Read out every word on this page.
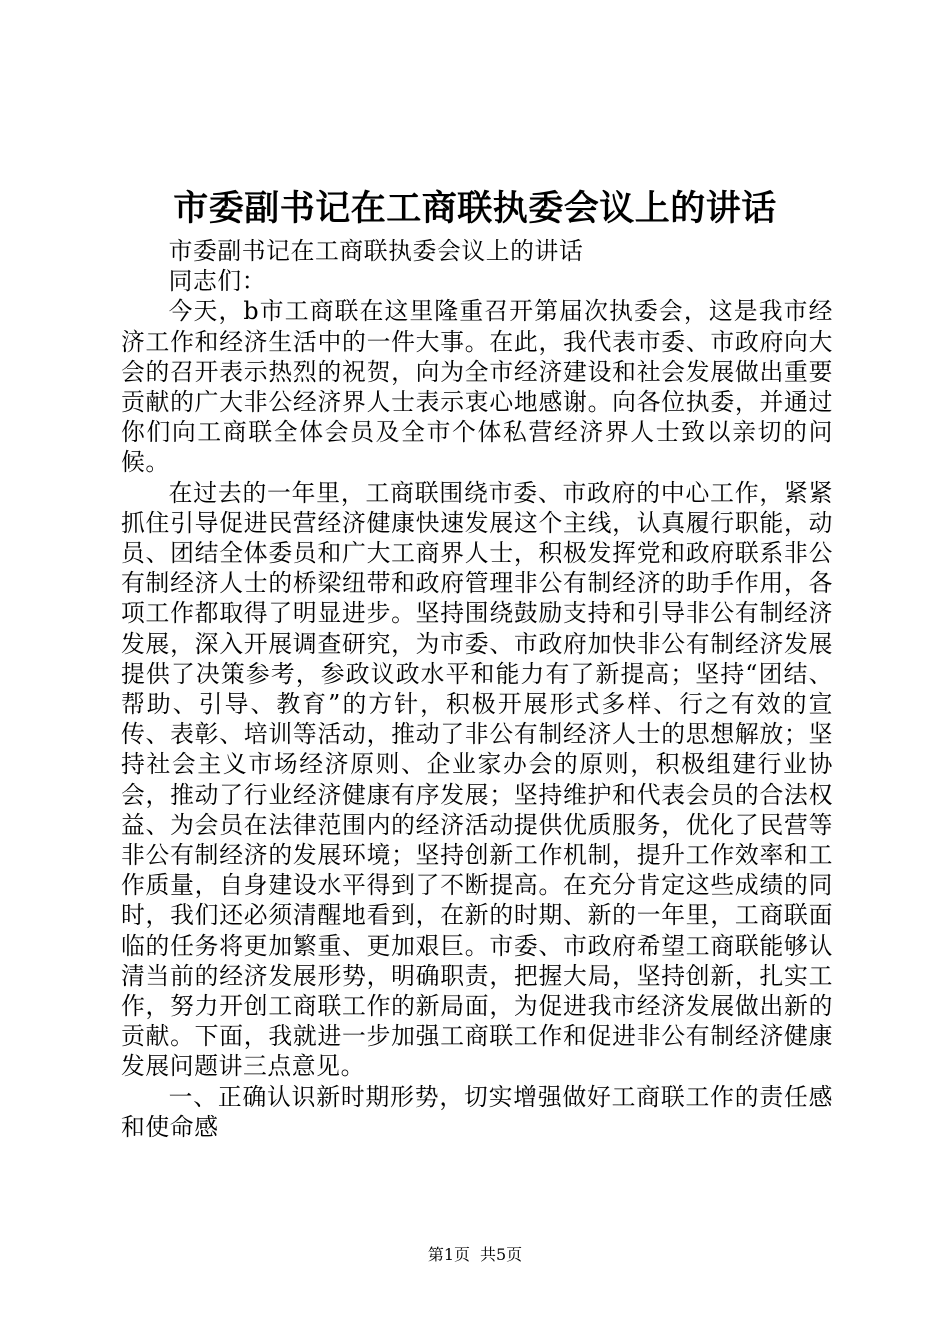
市委副书记在工商联执委会议上的讲话

市委副书记在工商联执委会议上的讲话

同志们：

今天，b市工商联在这里隆重召开第届次执委会，这是我市经济工作和经济生活中的一件大事。在此，我代表市委、市政府向大会的召开表示热烈的祝贺，向为全市经济建设和社会发展做出重要贡献的广大非公经济界人士表示衷心地感谢。向各位执委，并通过你们向工商联全体会员及全市个体私营经济界人士致以亲切的问候。

在过去的一年里，工商联围绕市委、市政府的中心工作，紧紧抓住引导促进民营经济健康快速发展这个主线，认真履行职能，动员、团结全体委员和广大工商界人士，积极发挥党和政府联系非公有制经济人士的桥梁纽带和政府管理非公有制经济的助手作用，各项工作都取得了明显进步。坚持围绕鼓励支持和引导非公有制经济发展，深入开展调查研究，为市委、市政府加快非公有制经济发展提供了决策参考，参政议政水平和能力有了新提高；坚持“团结、帮助、引导、教育”的方针，积极开展形式多样、行之有效的宣传、表彰、培训等活动，推动了非公有制经济人士的思想解放；坚持社会主义市场经济原则、企业家办会的原则，积极组建行业协会，推动了行业经济健康有序发展；坚持维护和代表会员的合法权益、为会员在法律范围内的经济活动提供优质服务，优化了民营等非公有制经济的发展环境；坚持创新工作机制，提升工作效率和工作质量，自身建设水平得到了不断提高。在充分肯定这些成绩的同时，我们还必须清醒地看到，在新的时期、新的一年里，工商联面临的任务将更加繁重、更加艰巨。市委、市政府希望工商联能够认清当前的经济发展形势，明确职责，把握大局，坚持创新，扎实工作，努力开创工商联工作的新局面，为促进我市经济发展做出新的贡献。下面，我就进一步加强工商联工作和促进非公有制经济健康发展问题讲三点意见。

一、正确认识新时期形势，切实增强做好工商联工作的责任感和使命感

第1页 共5页
